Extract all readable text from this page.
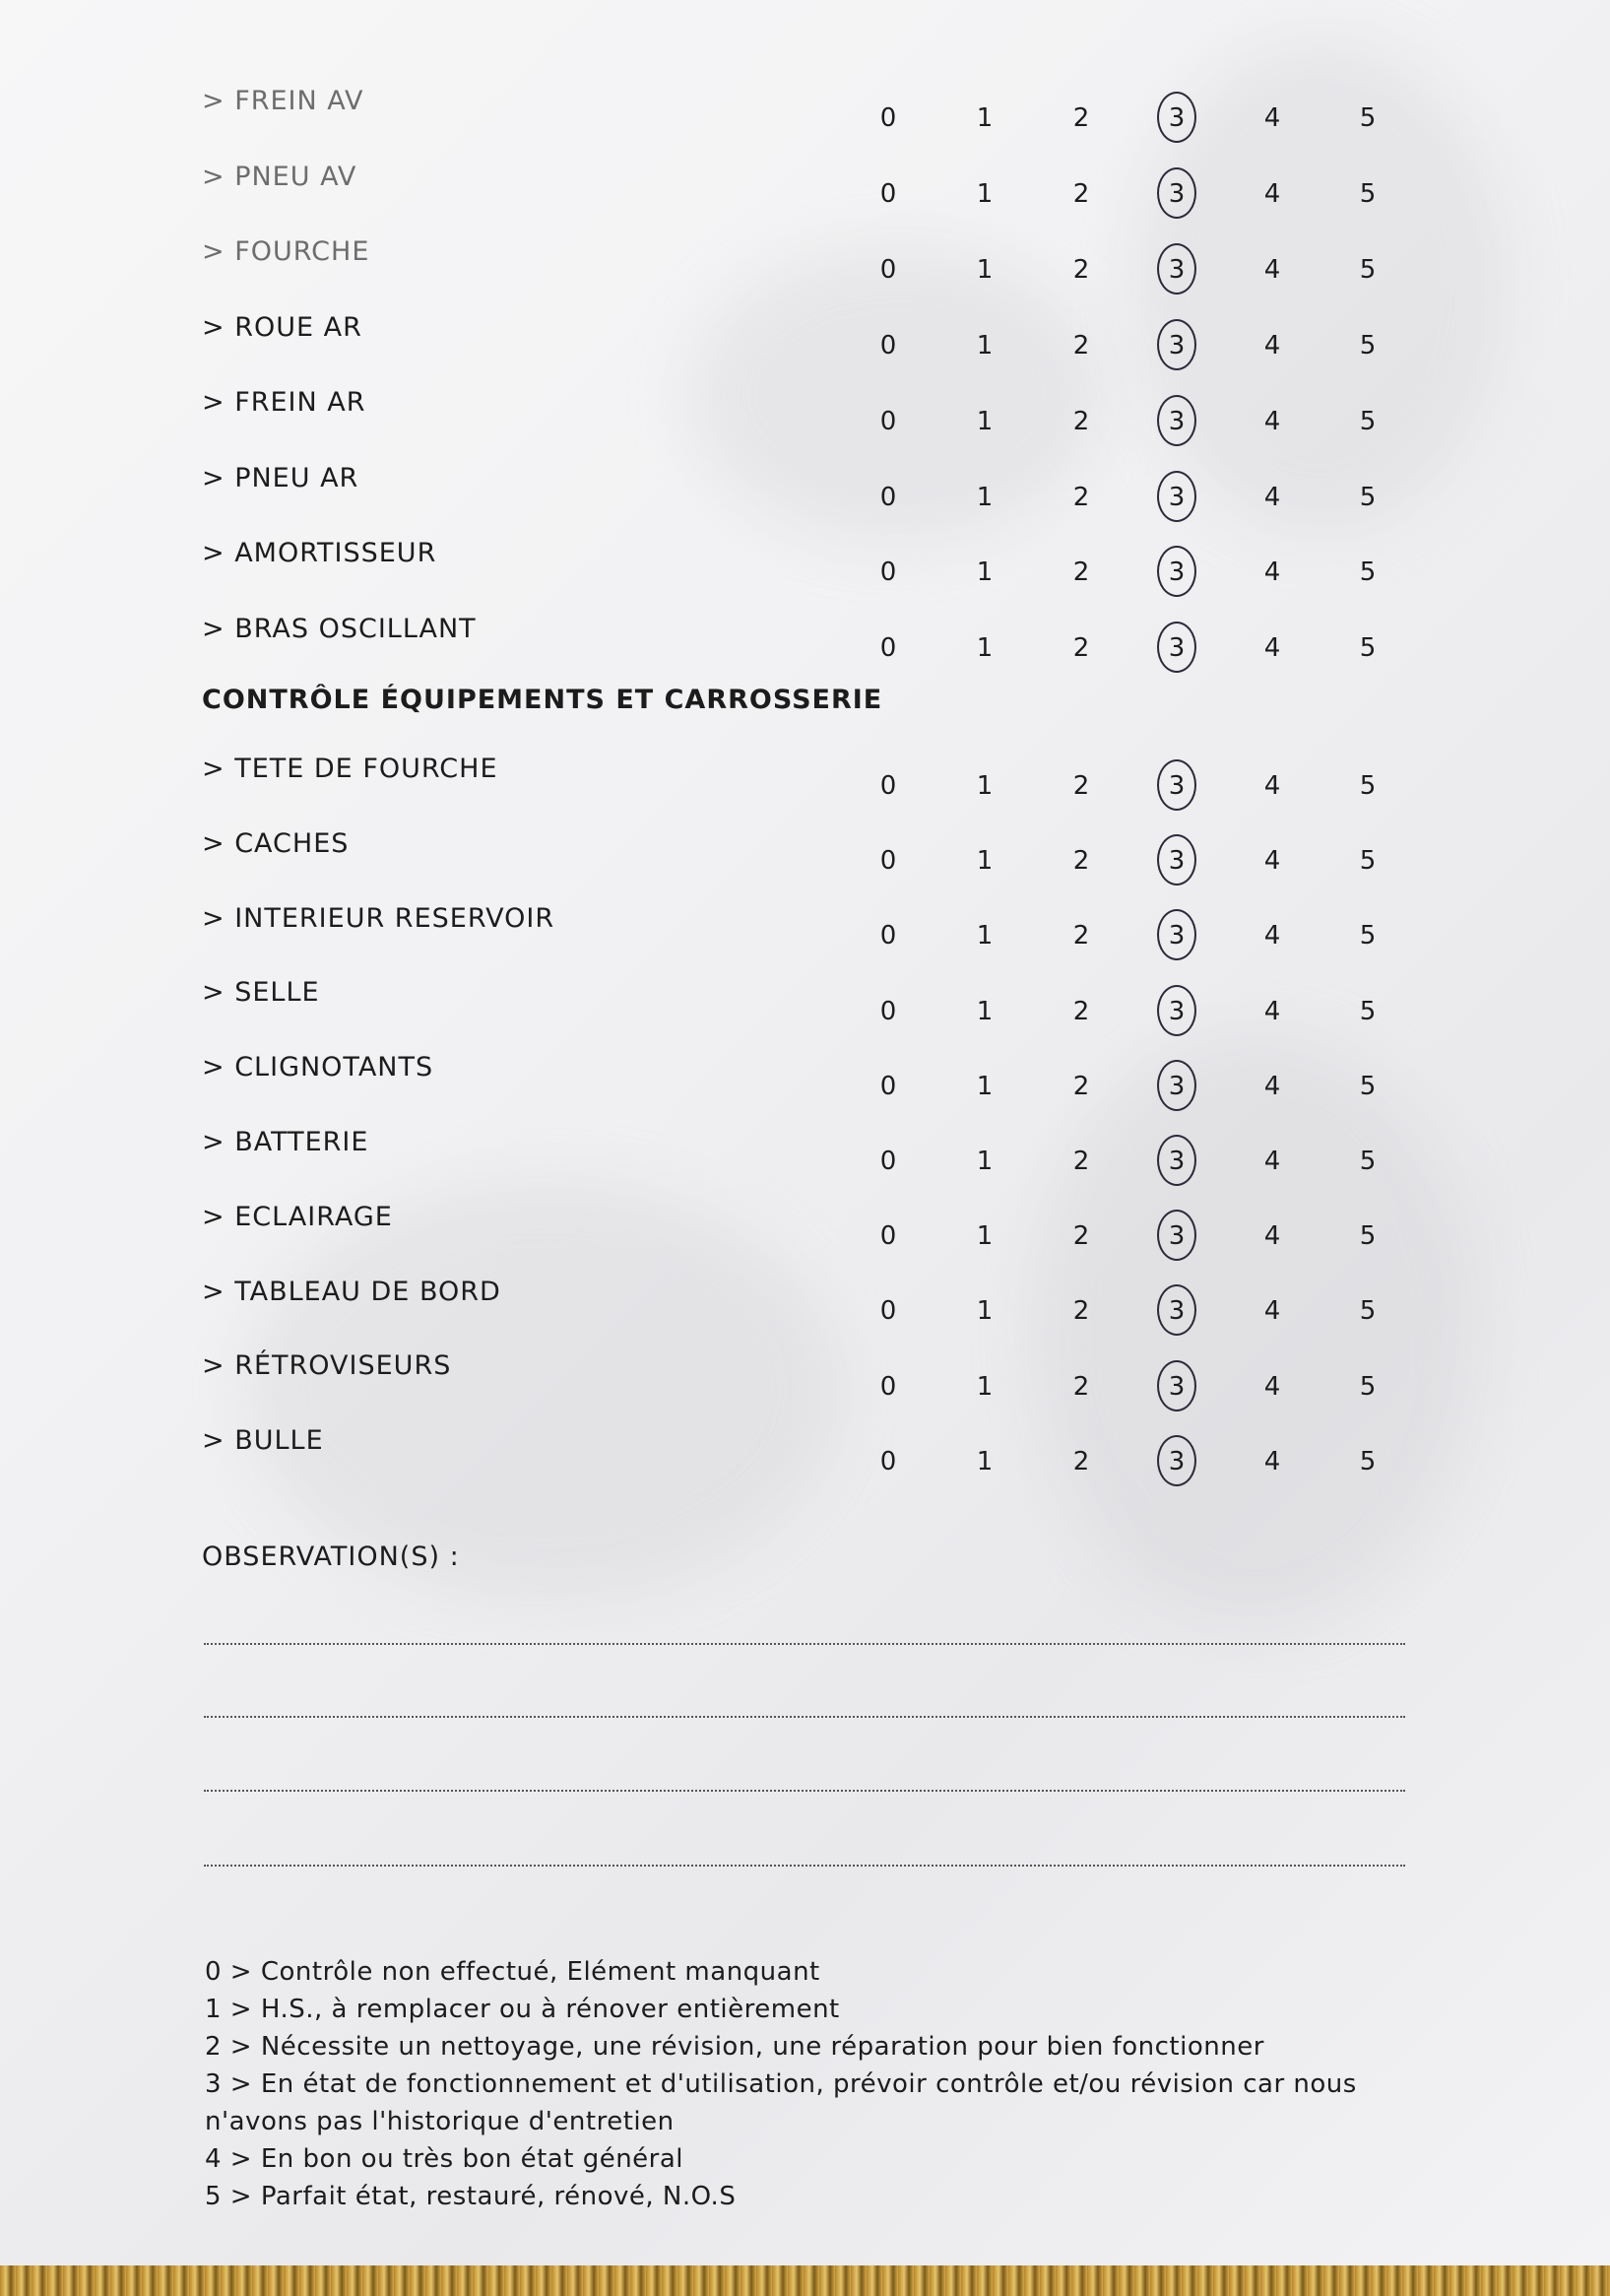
> FREIN AV
0	1	2	3	4	5
> PNEU AV
0	1	2	3	4	5
> FOURCHE
0	1	2	3	4	5
> ROUE AR
0	1	2	3	4	5
> FREIN AR
0	1	2	3	4	5
> PNEU AR
0	1	2	3	4	5
> AMORTISSEUR
0	1	2	3	4	5
> BRAS OSCILLANT
0	1	2	3	4	5
CONTRÔLE ÉQUIPEMENTS ET CARROSSERIE
> TETE DE FOURCHE
0	1	2	3	4	5
> CACHES
0	1	2	3	4	5
> INTERIEUR RESERVOIR
0	1	2	3	4	5
> SELLE
0	1	2	3	4	5
> CLIGNOTANTS
0	1	2	3	4	5
> BATTERIE
0	1	2	3	4	5
> ECLAIRAGE
0	1	2	3	4	5
> TABLEAU DE BORD
0	1	2	3	4	5
> RÉTROVISEURS
0	1	2	3	4	5
> BULLE
0	1	2	3	4	5
OBSERVATION(S) :
0 > Contrôle non effectué, Elément manquant
1 > H.S., à remplacer ou à rénover entièrement
2 > Nécessite un nettoyage, une révision, une réparation pour bien fonctionner
3 > En état de fonctionnement et d'utilisation, prévoir contrôle et/ou révision car nous
n'avons pas l'historique d'entretien
4 > En bon ou très bon état général
5 > Parfait état, restauré, rénové, N.O.S
